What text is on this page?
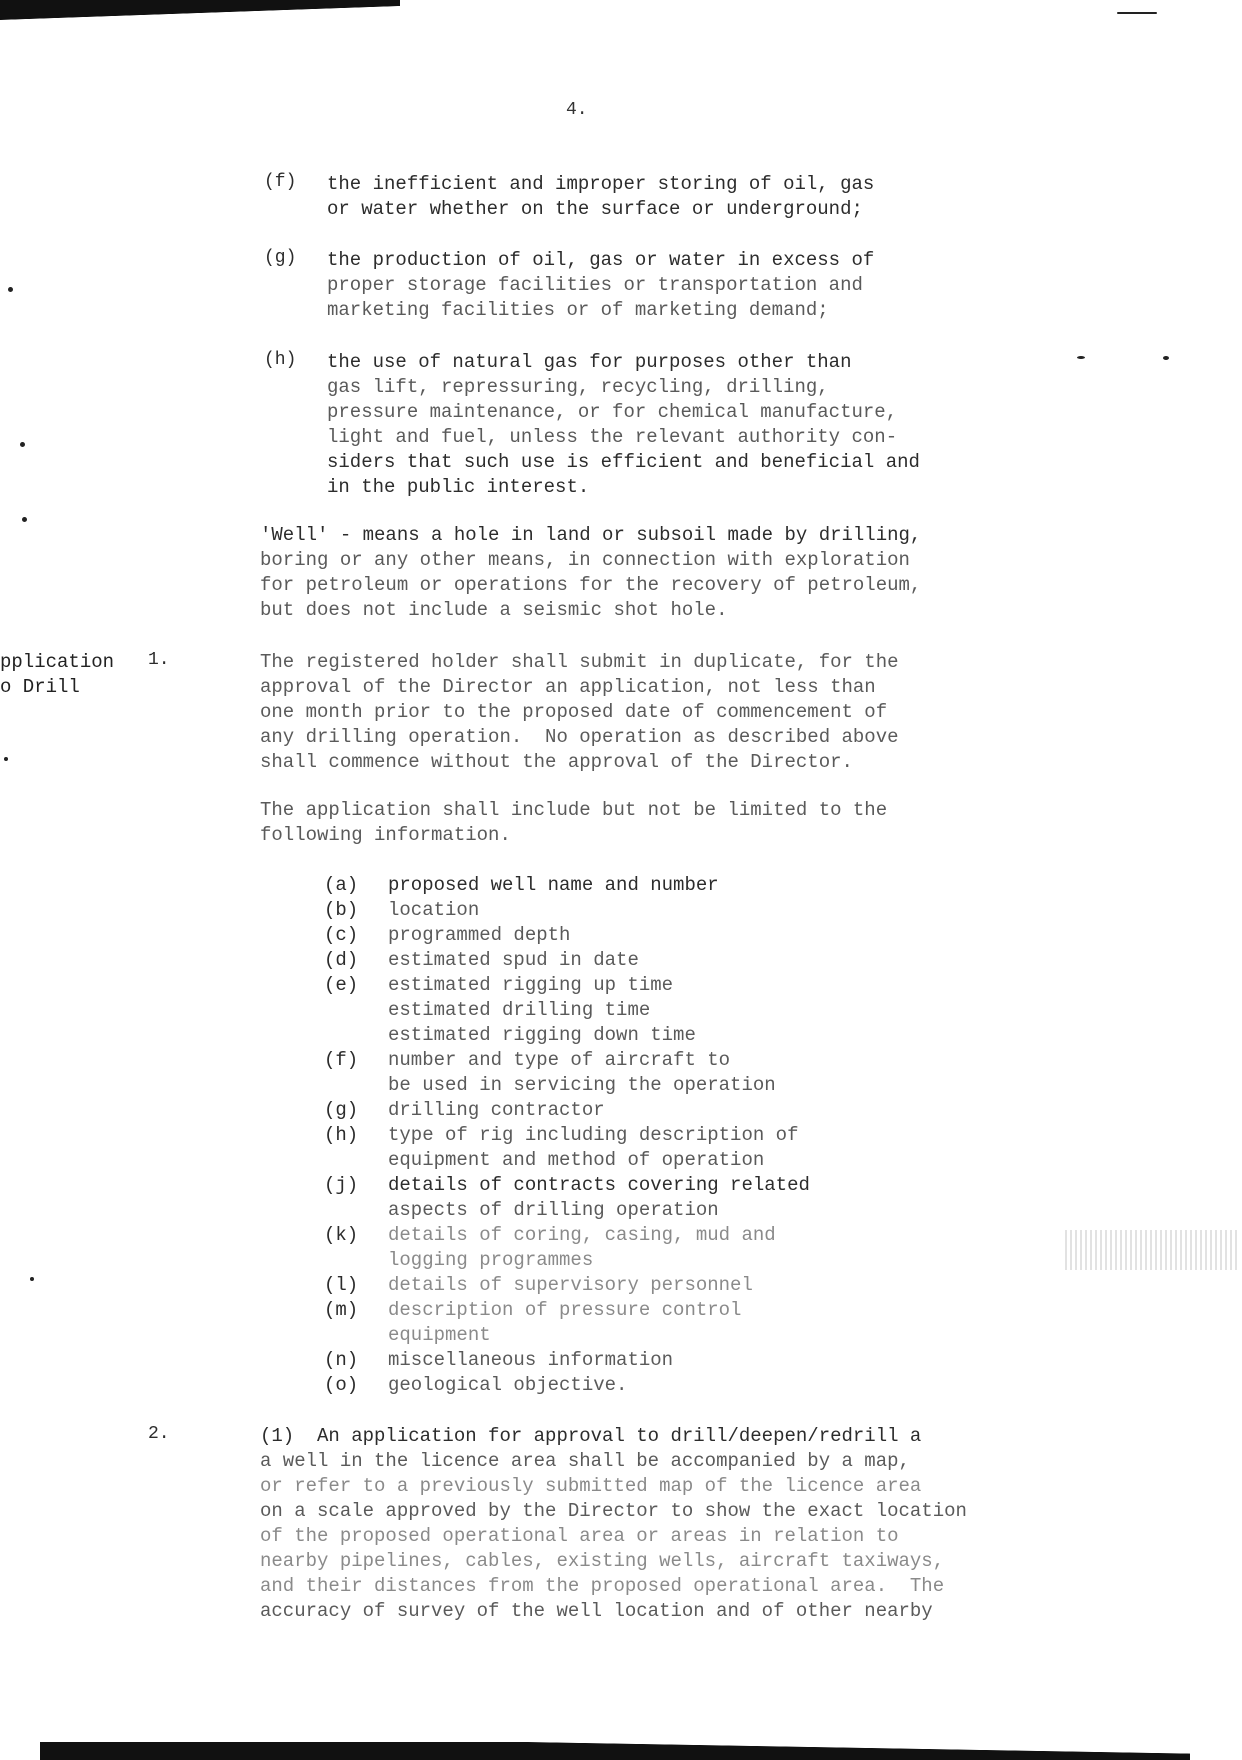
4.
(f) the inefficient and improper storing of oil, gas
or water whether on the surface or underground;
(g) the production of oil, gas or water in excess of
proper storage facilities or transportation and
marketing facilities or of marketing demand;
(h) the use of natural gas for purposes other than
gas lift, repressuring, recycling, drilling,
pressure maintenance, or for chemical manufacture,
light and fuel, unless the relevant authority con-
siders that such use is efficient and beneficial and
in the public interest.
'Well' - means a hole in land or subsoil made by drilling,
boring or any other means, in connection with exploration
for petroleum or operations for the recovery of petroleum,
but does not include a seismic shot hole.
pplication
o Drill
1.	The registered holder shall submit in duplicate, for the
approval of the Director an application, not less than
one month prior to the proposed date of commencement of
any drilling operation.  No operation as described above
shall commence without the approval of the Director.
The application shall include but not be limited to the
following information.
(a)
(b)
(c)
(d)
(e)

(f)

(g)
(h)

(j)

(k)

(l)
(m)

(n)
(o)
proposed well name and number
location
programmed depth
estimated spud in date
estimated rigging up time
estimated drilling time
estimated rigging down time
number and type of aircraft to
be used in servicing the operation
drilling contractor
type of rig including description of
equipment and method of operation
details of contracts covering related
aspects of drilling operation
details of coring, casing, mud and
logging programmes
details of supervisory personnel
description of pressure control
equipment
miscellaneous information
geological objective.
2.	(1)  An application for approval to drill/deepen/redrill a
a well in the licence area shall be accompanied by a map,
or refer to a previously submitted map of the licence area
on a scale approved by the Director to show the exact location
of the proposed operational area or areas in relation to
nearby pipelines, cables, existing wells, aircraft taxiways,
and their distances from the proposed operational area.  The
accuracy of survey of the well location and of other nearby
